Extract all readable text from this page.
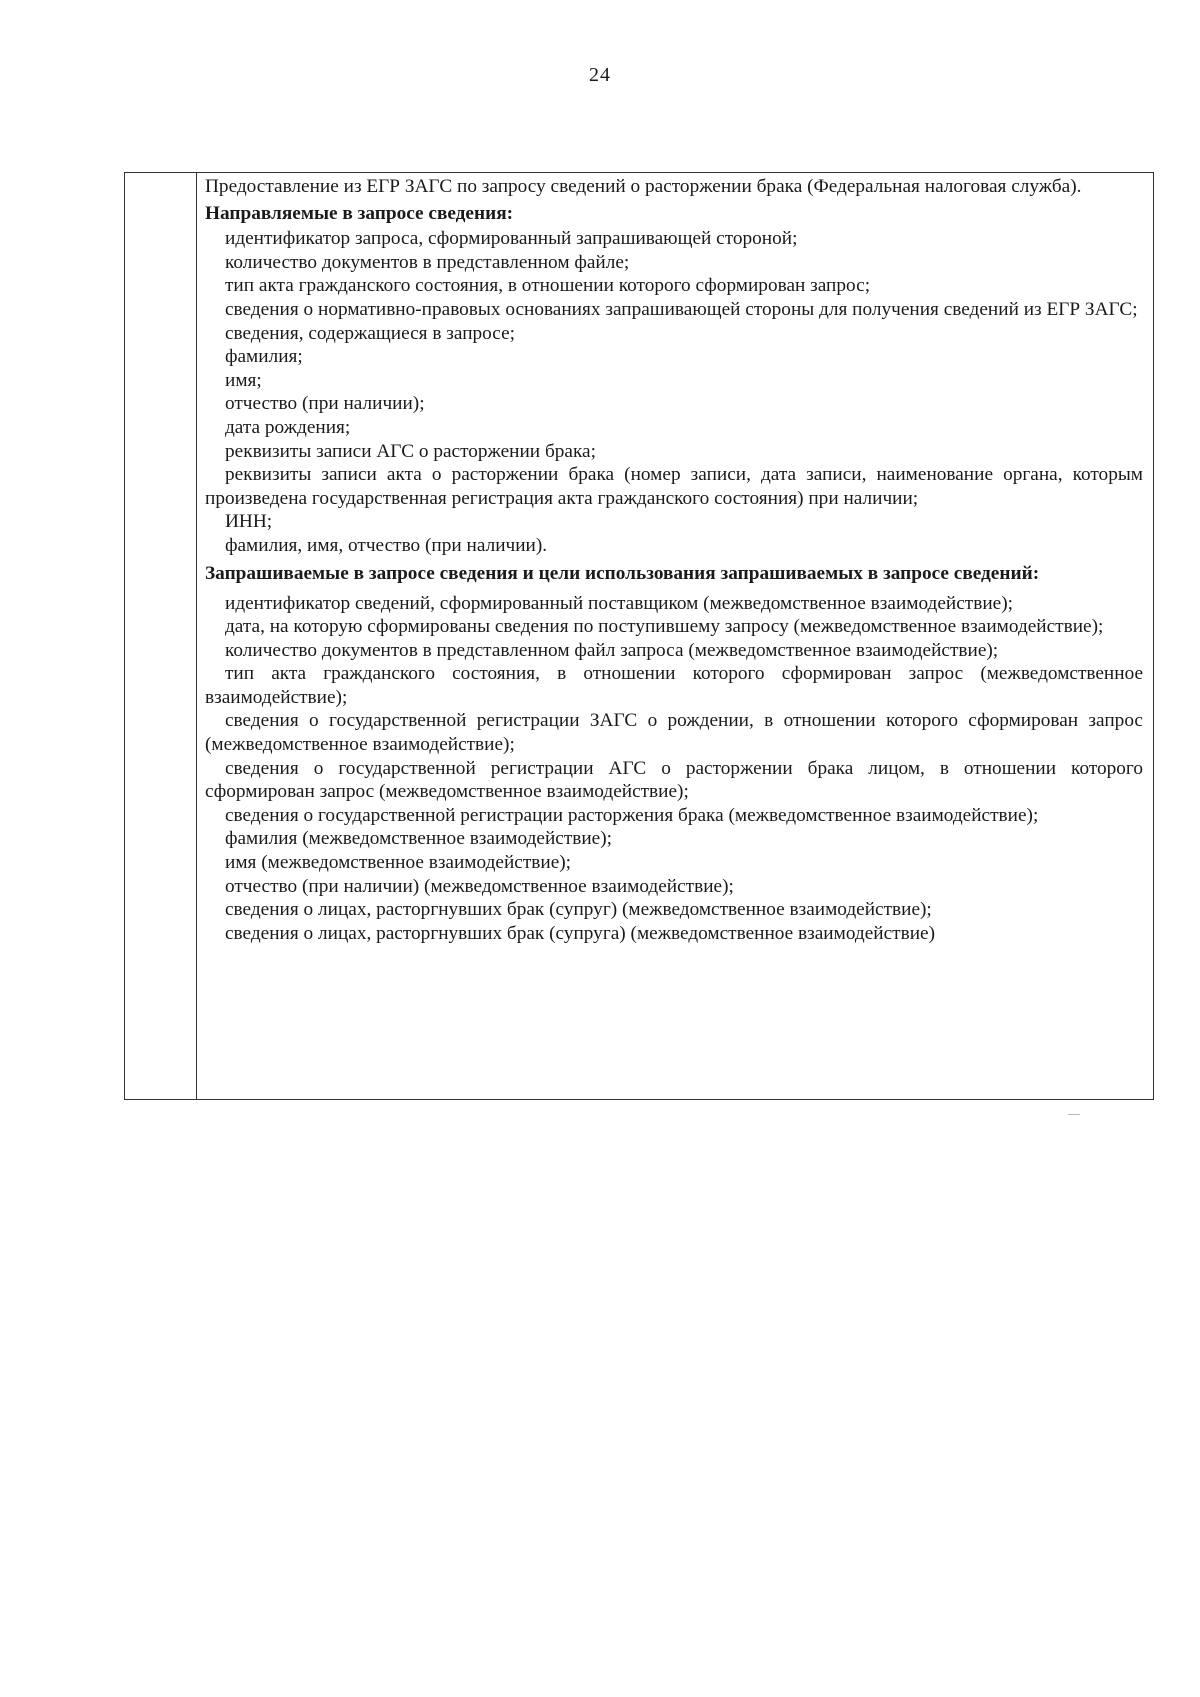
24

Предоставление из ЕГР ЗАГС по запросу сведений о расторжении брака (Федеральная налоговая служба).

Направляемые в запросе сведения:

идентификатор запроса, сформированный запрашивающей стороной;

количество документов в представленном файле;

тип акта гражданского состояния, в отношении которого сформирован запрос;

сведения о нормативно-правовых основаниях запрашивающей стороны для получения сведений из ЕГР ЗАГС;

сведения, содержащиеся в запросе;

фамилия;

имя;

отчество (при наличии);

дата рождения;

реквизиты записи АГС о расторжении брака;

реквизиты записи акта о расторжении брака (номер записи, дата записи, наименование органа, которым произведена государственная регистрация акта гражданского состояния) при наличии;

ИНН;

фамилия, имя, отчество (при наличии).

Запрашиваемые в запросе сведения и цели использования запрашиваемых в запросе сведений:

идентификатор сведений, сформированный поставщиком (межведомственное взаимодействие);

дата, на которую сформированы сведения по поступившему запросу (межведомственное взаимодействие);

количество документов в представленном файл запроса (межведомственное взаимодействие);

тип акта гражданского состояния, в отношении которого сформирован запрос (межведомственное взаимодействие);

сведения о государственной регистрации ЗАГС о рождении, в отношении которого сформирован запрос (межведомственное взаимодействие);

сведения о государственной регистрации АГС о расторжении брака лицом, в отношении которого сформирован запрос (межведомственное взаимодействие);

сведения о государственной регистрации расторжения брака (межведомственное взаимодействие);

фамилия (межведомственное взаимодействие);

имя (межведомственное взаимодействие);

отчество (при наличии) (межведомственное взаимодействие);

сведения о лицах, расторгнувших брак (супруг) (межведомственное взаимодействие);

сведения о лицах, расторгнувших брак (супруга) (межведомственное взаимодействие)
